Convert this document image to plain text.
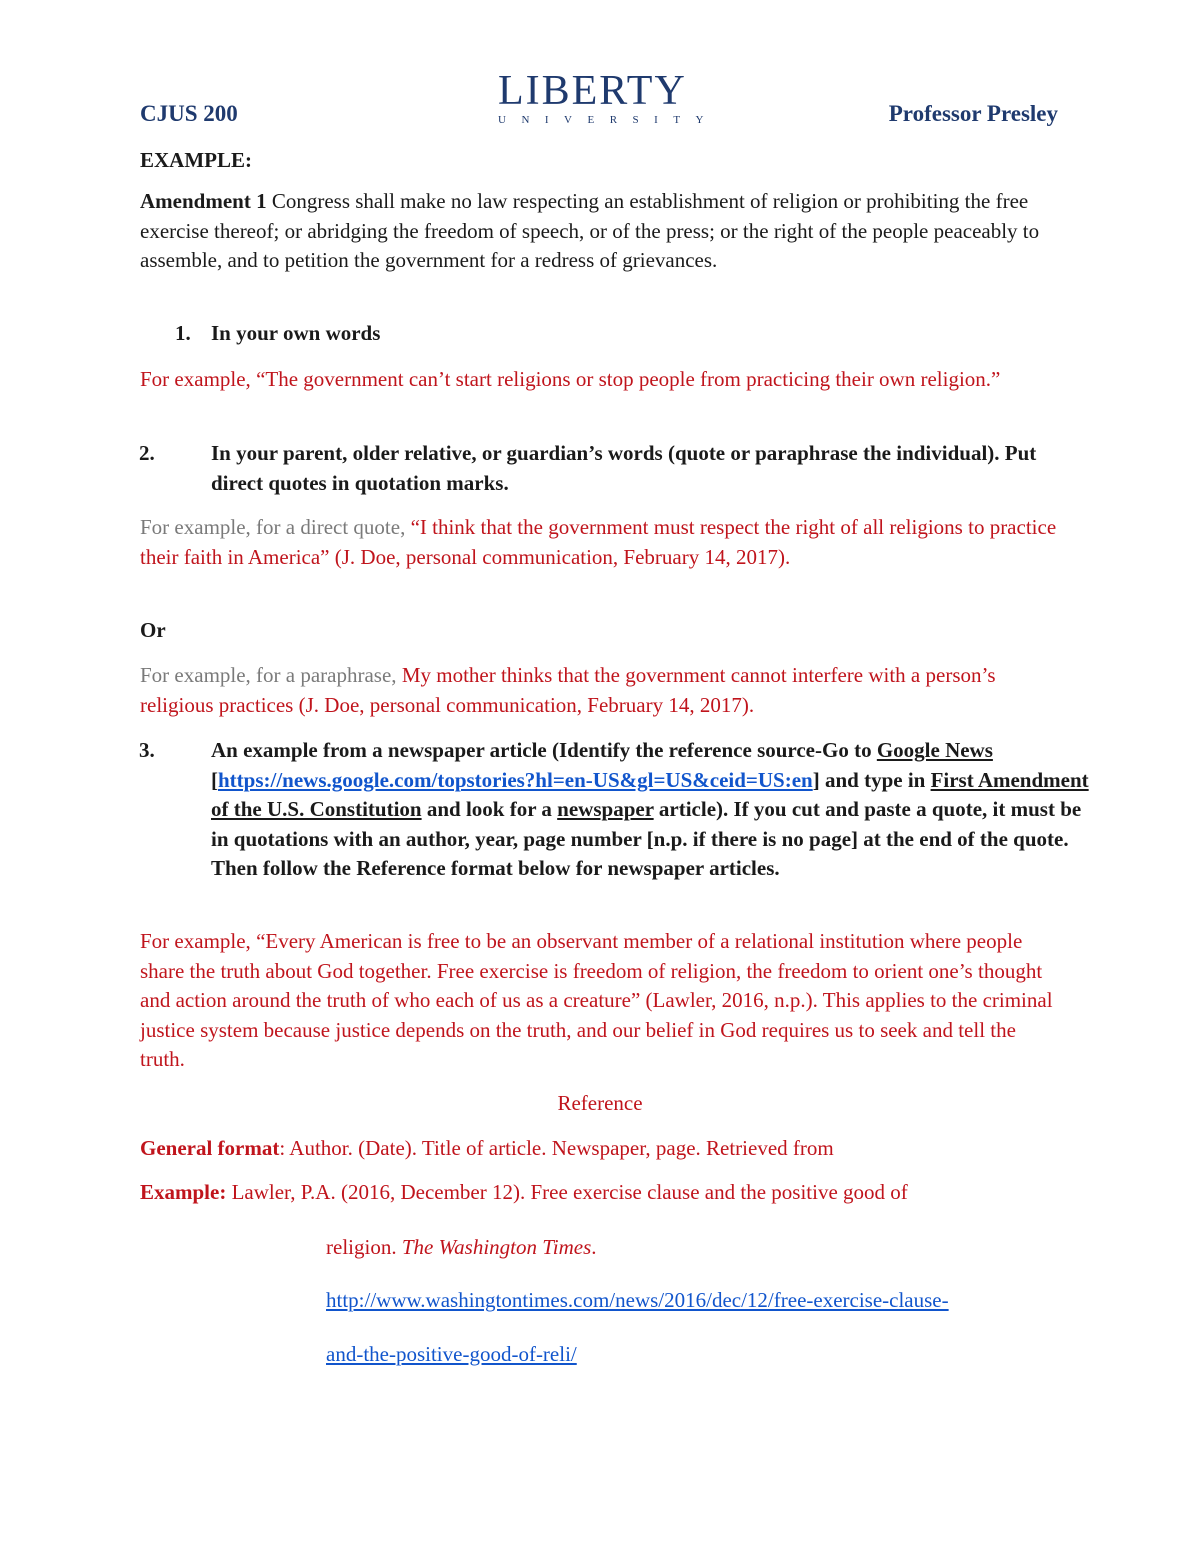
CJUS 200	LIBERTY
UNIVERSITY	Professor Presley
EXAMPLE:
Amendment 1 Congress shall make no law respecting an establishment of religion or prohibiting the free exercise thereof; or abridging the freedom of speech, or of the press; or the right of the people peaceably to assemble, and to petition the government for a redress of grievances.
1. In your own words
For example, “The government can’t start religions or stop people from practicing their own religion.”
2.	In your parent, older relative, or guardian’s words (quote or paraphrase the individual). Put direct quotes in quotation marks.
For example, for a direct quote, “I think that the government must respect the right of all religions to practice their faith in America” (J. Doe, personal communication, February 14, 2017).
Or
For example, for a paraphrase, My mother thinks that the government cannot interfere with a person’s religious practices (J. Doe, personal communication, February 14, 2017).
3.	An example from a newspaper article (Identify the reference source-Go to Google News [https://news.google.com/topstories?hl=en-US&gl=US&ceid=US:en] and type in First Amendment of the U.S. Constitution and look for a newspaper article). If you cut and paste a quote, it must be in quotations with an author, year, page number [n.p. if there is no page] at the end of the quote. Then follow the Reference format below for newspaper articles.
For example, “Every American is free to be an observant member of a relational institution where people share the truth about God together. Free exercise is freedom of religion, the freedom to orient one’s thought and action around the truth of who each of us as a creature” (Lawler, 2016, n.p.). This applies to the criminal justice system because justice depends on the truth, and our belief in God requires us to seek and tell the truth.
Reference
General format: Author. (Date). Title of article. Newspaper, page. Retrieved from
Example: Lawler, P.A. (2016, December 12). Free exercise clause and the positive good of
religion. The Washington Times.
http://www.washingtontimes.com/news/2016/dec/12/free-exercise-clause-
and-the-positive-good-of-reli/
